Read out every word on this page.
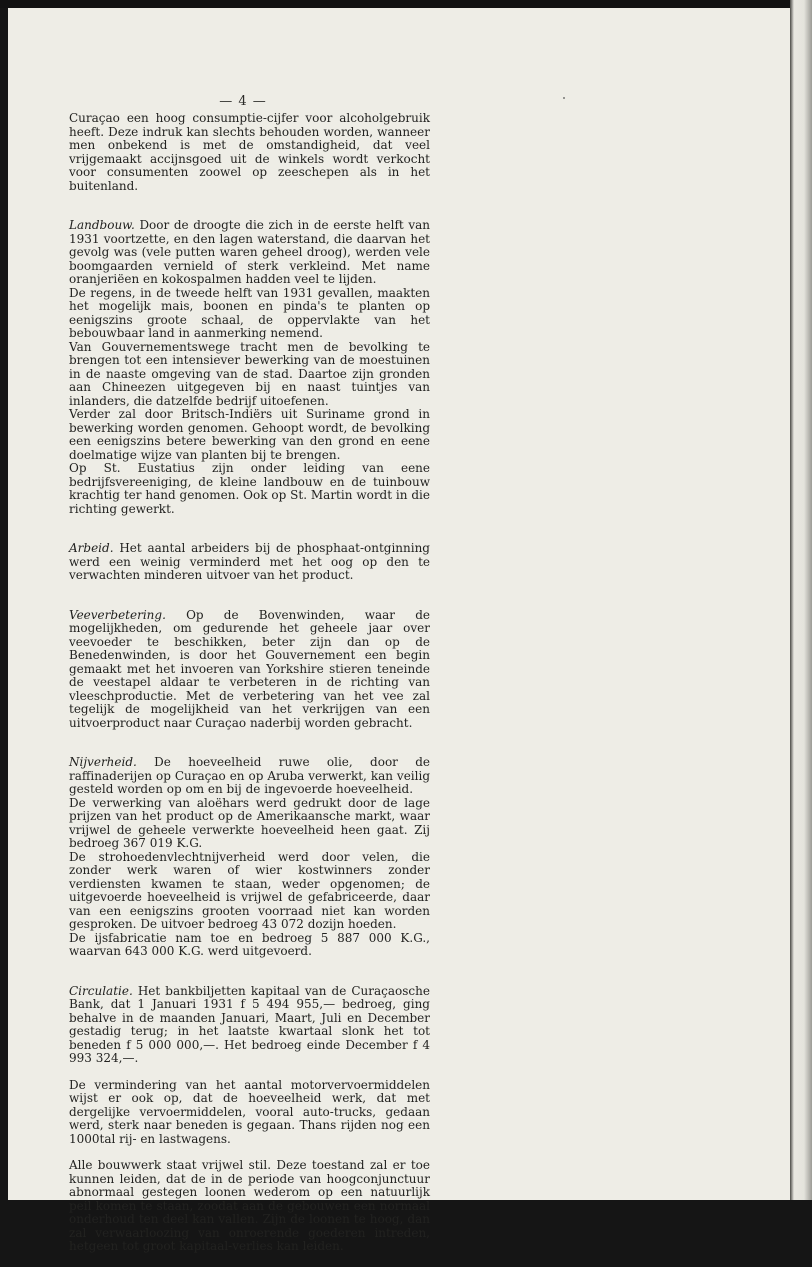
— 4 —

Curaçao een hoog consumptie-cijfer voor alcoholgebruik heeft. Deze indruk kan slechts behouden worden, wanneer men onbekend is met de omstandigheid, dat veel vrijgemaakt accijnsgoed uit de winkels wordt verkocht voor consumenten zoowel op zeeschepen als in het buitenland.

Landbouw. Door de droogte die zich in de eerste helft van 1931 voortzette, en den lagen waterstand, die daarvan het gevolg was (vele putten waren geheel droog), werden vele boomgaarden vernield of sterk verkleind. Met name oranjeriëen en kokospalmen hadden veel te lijden.

De regens, in de tweede helft van 1931 gevallen, maakten het mogelijk mais, boonen en pinda's te planten op eenigszins groote schaal, de oppervlakte van het bebouwbaar land in aanmerking nemend.

Van Gouvernementswege tracht men de bevolking te brengen tot een intensiever bewerking van de moestuinen in de naaste omgeving van de stad. Daartoe zijn gronden aan Chineezen uitgegeven bij en naast tuintjes van inlanders, die datzelfde bedrijf uitoefenen.

Verder zal door Britsch-Indiërs uit Suriname grond in bewerking worden genomen. Gehoopt wordt, de bevolking een eenigszins betere bewerking van den grond en eene doelmatige wijze van planten bij te brengen.

Op St. Eustatius zijn onder leiding van eene bedrijfsvereeniging, de kleine landbouw en de tuinbouw krachtig ter hand genomen. Ook op St. Martin wordt in die richting gewerkt.

Arbeid. Het aantal arbeiders bij de phosphaat-ontginning werd een weinig verminderd met het oog op den te verwachten minderen uitvoer van het product.

Veeverbetering. Op de Bovenwinden, waar de mogelijkheden, om gedurende het geheele jaar over veevoeder te beschikken, beter zijn dan op de Benedenwinden, is door het Gouvernement een begin gemaakt met het invoeren van Yorkshire stieren teneinde de veestapel aldaar te verbeteren in de richting van vleeschproductie. Met de verbetering van het vee zal tegelijk de mogelijkheid van het verkrijgen van een uitvoerproduct naar Curaçao naderbij worden gebracht.

Nijverheid. De hoeveelheid ruwe olie, door de raffinaderijen op Curaçao en op Aruba verwerkt, kan veilig gesteld worden op om en bij de ingevoerde hoeveelheid.

De verwerking van aloëhars werd gedrukt door de lage prijzen van het product op de Amerikaansche markt, waar vrijwel de geheele verwerkte hoeveelheid heen gaat. Zij bedroeg 367 019 K.G.

De strohoedenvlechtnijverheid werd door velen, die zonder werk waren of wier kostwinners zonder verdiensten kwamen te staan, weder opgenomen; de uitgevoerde hoeveelheid is vrijwel de gefabriceerde, daar van een eenigszins grooten voorraad niet kan worden gesproken. De uitvoer bedroeg 43 072 dozijn hoeden.

De ijsfabricatie nam toe en bedroeg 5 887 000 K.G., waarvan 643 000 K.G. werd uitgevoerd.

Circulatie. Het bankbiljetten kapitaal van de Curaçaosche Bank, dat 1 Januari 1931 f 5 494 955,— bedroeg, ging behalve in de maanden Januari, Maart, Juli en December gestadig terug; in het laatste kwartaal slonk het tot beneden f 5 000 000,—. Het bedroeg einde December f 4 993 324,—.

De vermindering van het aantal motorvervoermiddelen wijst er ook op, dat de hoeveelheid werk, dat met dergelijke vervoermiddelen, vooral auto-trucks, gedaan werd, sterk naar beneden is gegaan. Thans rijden nog een 1000tal rij- en lastwagens.

Alle bouwwerk staat vrijwel stil. Deze toestand zal er toe kunnen leiden, dat de in de periode van hoogconjunctuur abnormaal gestegen loonen wederom op een natuurlijk peil komen te staan, zoodat aan de gebouwen een normaal onderhoud ten deel kan vallen. Zijn de loonen te hoog, dan zal verwaarloozing van onroerende goederen intreden, hetgeen tot groot kapitaal-verlies kan leiden.
